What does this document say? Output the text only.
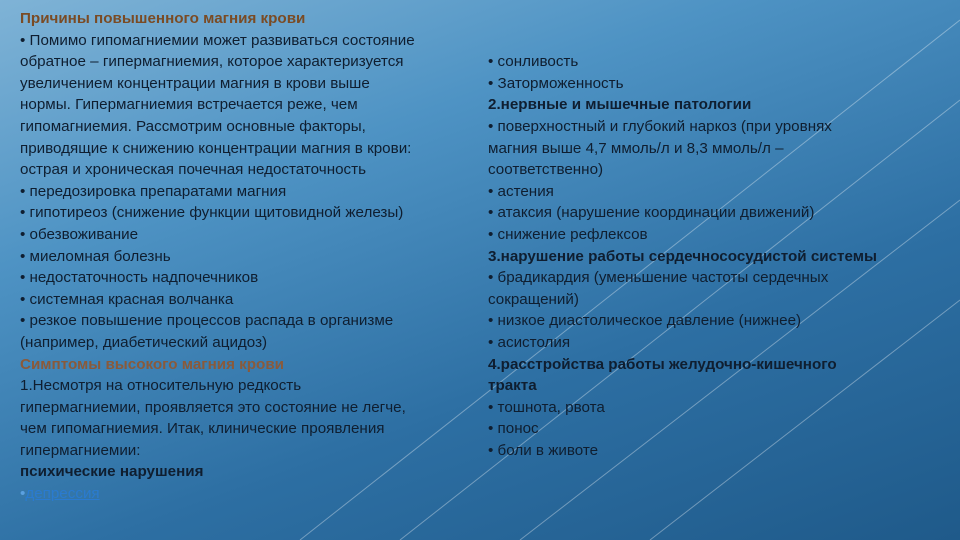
Причины повышенного магния крови
• Помимо гипомагниемии может развиваться состояние
обратное – гипермагниемия, которое характеризуется
увеличением концентрации магния в крови выше
нормы. Гипермагниемия встречается реже, чем
гипомагниемия. Рассмотрим основные факторы,
приводящие к снижению концентрации магния в крови:
острая и хроническая почечная недостаточность
• передозировка препаратами магния
• гипотиреоз (снижение функции щитовидной железы)
• обезвоживание
• миеломная болезнь
• недостаточность надпочечников
• системная красная волчанка
• резкое повышение процессов распада в организме
(например, диабетический ацидоз)
Симптомы высокого магния крови
1.Несмотря на относительную редкость
гипермагниемии, проявляется это состояние не легче,
чем гипомагниемия. Итак, клинические проявления
гипермагниемии:
психические нарушения
•депрессия
• сонливость
• Заторможенность
2.нервные и мышечные патологии
• поверхностный и глубокий наркоз (при уровнях
магния выше 4,7 ммоль/л и 8,3 ммоль/л –
соответственно)
• астения
• атаксия (нарушение координации движений)
• снижение рефлексов
3.нарушение работы сердечнососудистой системы
• брадикардия (уменьшение частоты сердечных
сокращений)
• низкое диастолическое давление (нижнее)
• асистолия
4.расстройства работы желудочно-кишечного
тракта
• тошнота, рвота
• понос
• боли в животе
